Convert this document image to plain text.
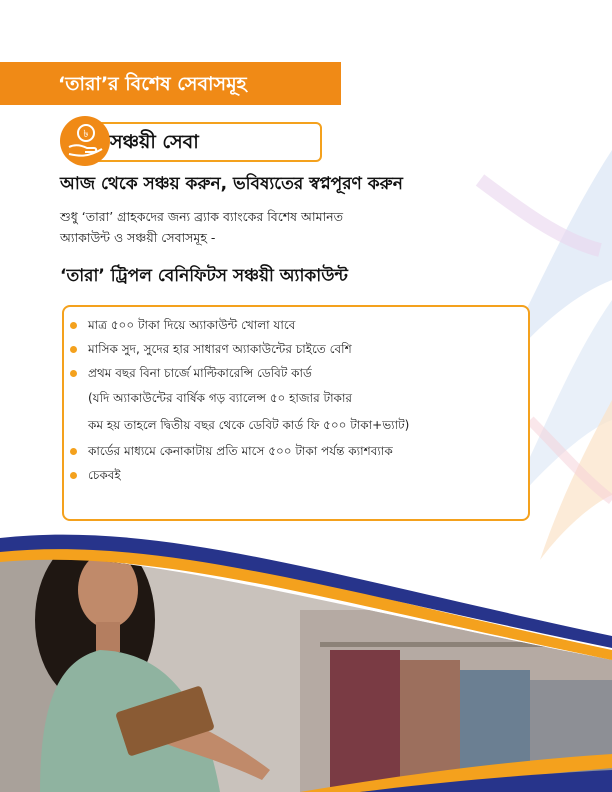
‘তারা’র বিশেষ সেবাসমূহ
৳ সঞ্চয়ী সেবা
আজ থেকে সঞ্চয় করুন, ভবিষ্যতের স্বপ্নপূরণ করুন
শুধু ‘তারা’ গ্রাহকদের জন্য ব্র্যাক ব্যাংকের বিশেষ আমানত
অ্যাকাউন্ট ও সঞ্চয়ী সেবাসমূহ -
‘তারা’ ট্রিপল বেনিফিটস সঞ্চয়ী অ্যাকাউন্ট
মাত্র ৫০০ টাকা দিয়ে অ্যাকাউন্ট খোলা যাবে
মাসিক সুদ, সুদের হার সাধারণ অ্যাকাউন্টের চাইতে বেশি
প্রথম বছর বিনা চার্জে মাল্টিকারেন্সি ডেবিট কার্ড
(যদি অ্যাকাউন্টের বার্ষিক গড় ব্যালেন্স ৫০ হাজার টাকার
কম হয় তাহলে দ্বিতীয় বছর থেকে ডেবিট কার্ড ফি ৫০০ টাকা+ভ্যাট)
কার্ডের মাধ্যমে কেনাকাটায় প্রতি মাসে ৫০০ টাকা পর্যন্ত ক্যাশব্যাক
চেকবই
